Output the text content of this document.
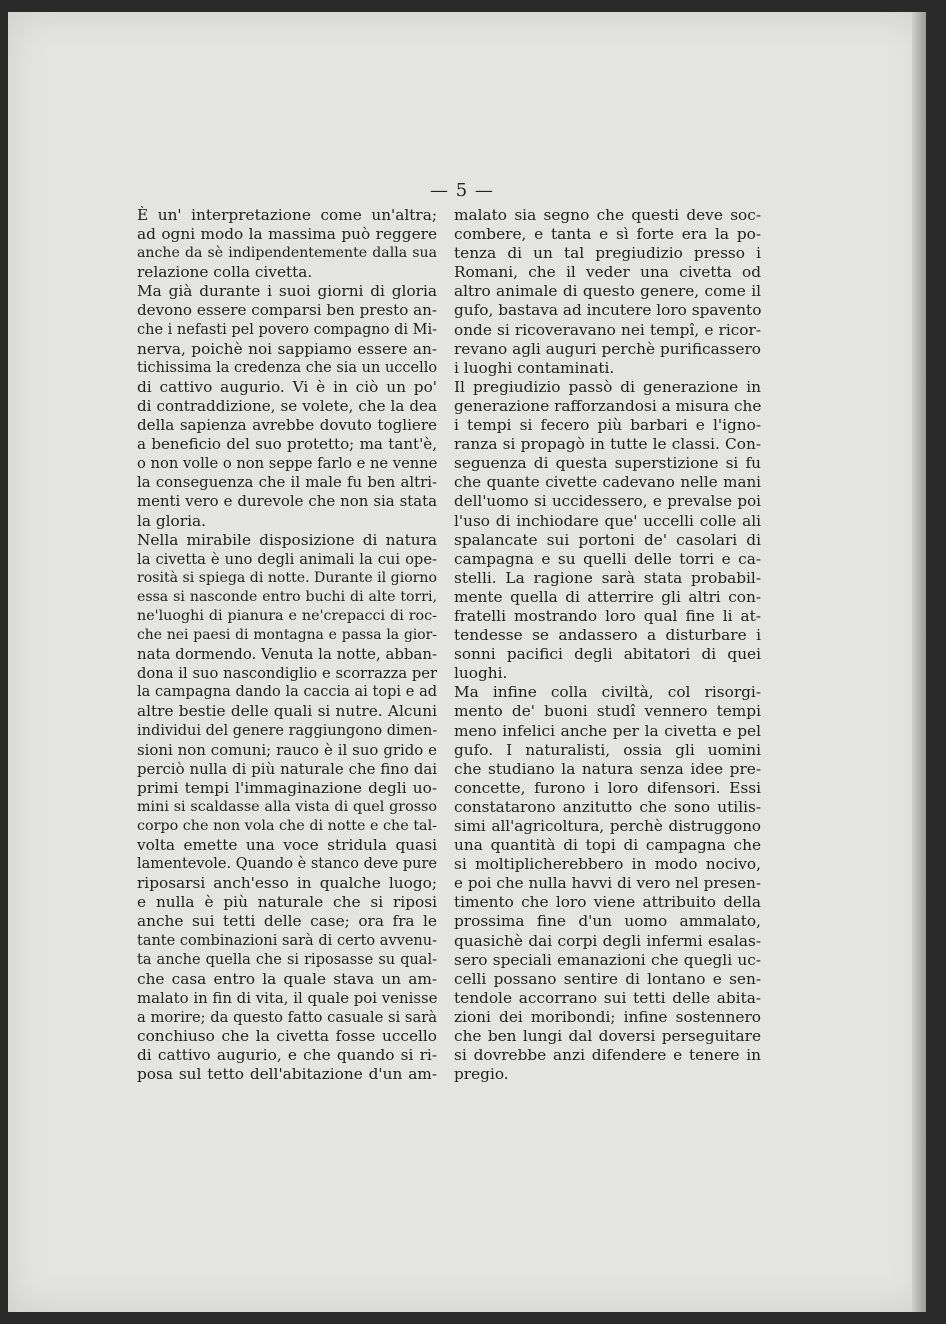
— 5 —
È un' interpretazione come un'altra;
ad ogni modo la massima può reggere
anche da sè indipendentemente dalla sua
relazione colla civetta.
Ma già durante i suoi giorni di gloria
devono essere comparsi ben presto an-
che i nefasti pel povero compagno di Mi-
nerva, poichè noi sappiamo essere an-
tichissima la credenza che sia un uccello
di cattivo augurio. Vi è in ciò un po'
di contraddizione, se volete, che la dea
della sapienza avrebbe dovuto togliere
a beneficio del suo protetto; ma tant'è,
o non volle o non seppe farlo e ne venne
la conseguenza che il male fu ben altri-
menti vero e durevole che non sia stata
la gloria.
Nella mirabile disposizione di natura
la civetta è uno degli animali la cui ope-
rosità si spiega di notte. Durante il giorno
essa si nasconde entro buchi di alte torri,
ne'luoghi di pianura e ne'crepacci di roc-
che nei paesi di montagna e passa la gior-
nata dormendo. Venuta la notte, abban-
dona il suo nascondiglio e scorrazza per
la campagna dando la caccia ai topi e ad
altre bestie delle quali si nutre. Alcuni
individui del genere raggiungono dimen-
sioni non comuni; rauco è il suo grido e
perciò nulla di più naturale che fino dai
primi tempi l'immaginazione degli uo-
mini si scaldasse alla vista di quel grosso
corpo che non vola che di notte e che tal-
volta emette una voce stridula quasi
lamentevole. Quando è stanco deve pure
riposarsi anch'esso in qualche luogo;
e nulla è più naturale che si riposi
anche sui tetti delle case; ora fra le
tante combinazioni sarà di certo avvenu-
ta anche quella che si riposasse su qual-
che casa entro la quale stava un am-
malato in fin di vita, il quale poi venisse
a morire; da questo fatto casuale si sarà
conchiuso che la civetta fosse uccello
di cattivo augurio, e che quando si ri-
posa sul tetto dell'abitazione d'un am-
malato sia segno che questi deve soc-
combere, e tanta e sì forte era la po-
tenza di un tal pregiudizio presso i
Romani, che il veder una civetta od
altro animale di questo genere, come il
gufo, bastava ad incutere loro spavento
onde si ricoveravano nei tempî, e ricor-
revano agli auguri perchè purificassero
i luoghi contaminati.
Il pregiudizio passò di generazione in
generazione rafforzandosi a misura che
i tempi si fecero più barbari e l'igno-
ranza si propagò in tutte le classi. Con-
seguenza di questa superstizione si fu
che quante civette cadevano nelle mani
dell'uomo si uccidessero, e prevalse poi
l'uso di inchiodare que' uccelli colle ali
spalancate sui portoni de' casolari di
campagna e su quelli delle torri e ca-
stelli. La ragione sarà stata probabil-
mente quella di atterrire gli altri con-
fratelli mostrando loro qual fine li at-
tendesse se andassero a disturbare i
sonni pacifici degli abitatori di quei
luoghi.
Ma infine colla civiltà, col risorgi-
mento de' buoni studî vennero tempi
meno infelici anche per la civetta e pel
gufo. I naturalisti, ossia gli uomini
che studiano la natura senza idee pre-
concette, furono i loro difensori. Essi
constatarono anzitutto che sono utilis-
simi all'agricoltura, perchè distruggono
una quantità di topi di campagna che
si moltiplicherebbero in modo nocivo,
e poi che nulla havvi di vero nel presen-
timento che loro viene attribuito della
prossima fine d'un uomo ammalato,
quasichè dai corpi degli infermi esalas-
sero speciali emanazioni che quegli uc-
celli possano sentire di lontano e sen-
tendole accorrano sui tetti delle abita-
zioni dei moribondi; infine sostennero
che ben lungi dal doversi perseguitare
si dovrebbe anzi difendere e tenere in
pregio.
